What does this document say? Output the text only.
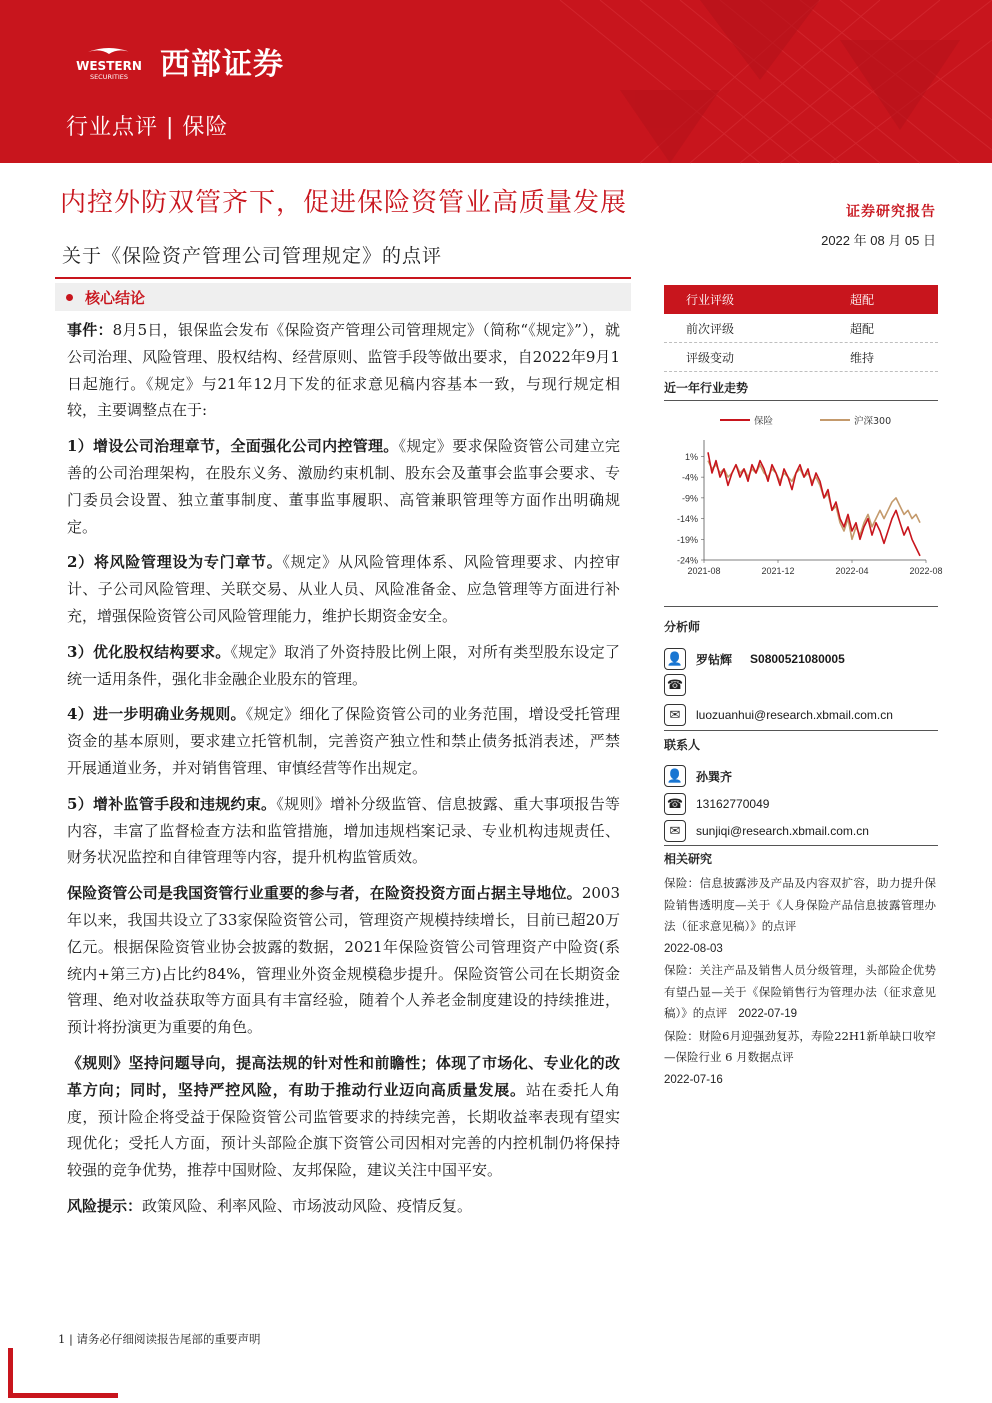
WESTERN
SECURITIES 西部证券
行业点评 | 保险
内控外防双管齐下，促进保险资管业高质量发展
关于《保险资产管理公司管理规定》的点评
证券研究报告
2022 年 08 月 05 日
核心结论

事件：8月5日，银保监会发布《保险资产管理公司管理规定》（简称“《规定》”），就公司治理、风险管理、股权结构、经营原则、监管手段等做出要求，自2022年9月1日起施行。《规定》与21年12月下发的征求意见稿内容基本一致，与现行规定相较，主要调整点在于:

1）增设公司治理章节，全面强化公司内控管理。《规定》要求保险资管公司建立完善的公司治理架构，在股东义务、激励约束机制、股东会及董事会监事会要求、专门委员会设置、独立董事制度、董事监事履职、高管兼职管理等方面作出明确规定。

2）将风险管理设为专门章节。《规定》从风险管理体系、风险管理要求、内控审计、子公司风险管理、关联交易、从业人员、风险准备金、应急管理等方面进行补充，增强保险资管公司风险管理能力，维护长期资金安全。

3）优化股权结构要求。《规定》取消了外资持股比例上限，对所有类型股东设定了统一适用条件，强化非金融企业股东的管理。

4）进一步明确业务规则。《规定》细化了保险资管公司的业务范围，增设受托管理资金的基本原则，要求建立托管机制，完善资产独立性和禁止债务抵消表述，严禁开展通道业务，并对销售管理、审慎经营等作出规定。

5）增补监管手段和违规约束。《规则》增补分级监管、信息披露、重大事项报告等内容，丰富了监督检查方法和监管措施，增加违规档案记录、专业机构违规责任、财务状况监控和自律管理等内容，提升机构监管质效。

保险资管公司是我国资管行业重要的参与者，在险资投资方面占据主导地位。2003年以来，我国共设立了33家保险资管公司，管理资产规模持续增长，目前已超20万亿元。根据保险资管业协会披露的数据，2021年保险资管公司管理资产中险资(系统内+第三方)占比约84%，管理业外资金规模稳步提升。保险资管公司在长期资金管理、绝对收益获取等方面具有丰富经验，随着个人养老金制度建设的持续推进，预计将扮演更为重要的角色。

《规则》坚持问题导向，提高法规的针对性和前瞻性；体现了市场化、专业化的改革方向；同时，坚持严控风险，有助于推动行业迈向高质量发展。站在委托人角度，预计险企将受益于保险资管公司监管要求的持续完善，长期收益率表现有望实现优化；受托人方面，预计头部险企旗下资管公司因相对完善的内控机制仍将保持较强的竞争优势，推荐中国财险、友邦保险，建议关注中国平安。

风险提示：政策风险、利率风险、市场波动风险、疫情反复。

行业评级	超配
前次评级	超配
评级变动	维持
近一年行业走势
1%
-4%
-9%
-14%
-19%
-24%
2021-08	2021-12	2022-04	2022-08
保险	沪深300
分析师
👤 罗钻辉 S0800521080005
☎
✉	luozuanhui@research.xbmail.com.cn
联系人
👤 孙巽齐
☎ 13162770049
✉	sunjiqi@research.xbmail.com.cn
相关研究
保险：信息披露涉及产品及内容双扩容，助力提升保险销售透明度—关于《人身保险产品信息披露管理办法（征求意见稿）》的点评
2022-08-03
保险：关注产品及销售人员分级管理，头部险企优势有望凸显—关于《保险销售行为管理办法（征求意见稿）》的点评 2022-07-19
保险：财险6月迎强劲复苏，寿险22H1新单缺口收窄—保险行业 6 月数据点评
2022-07-16
1 | 请务必仔细阅读报告尾部的重要声明
